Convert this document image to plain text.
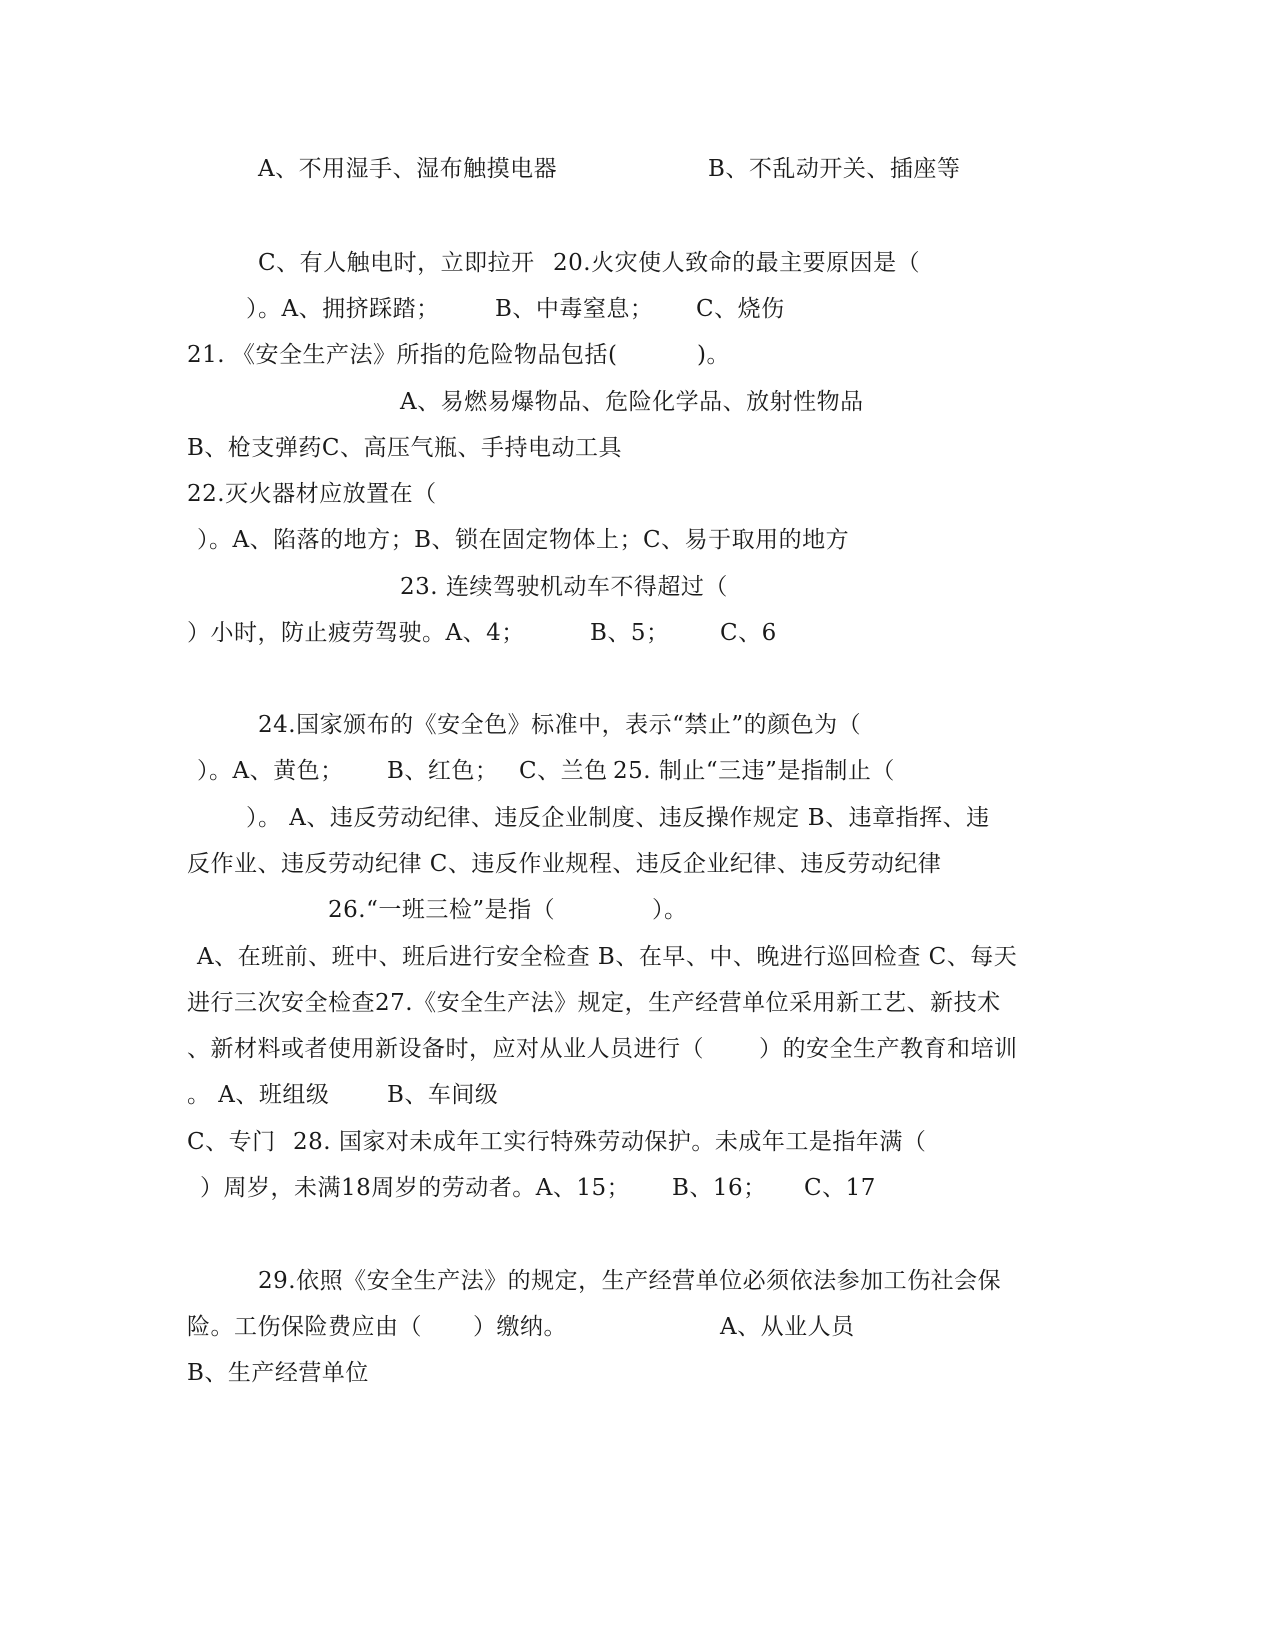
A、不用湿手、湿布触摸电器	B、不乱动开关、插座等
C、有人触电时，立即拉开 20.火灾使人致命的最主要原因是（
）。A、拥挤踩踏； B、中毒窒息； C、烧伤
21. 《安全生产法》所指的危险物品包括(	)。
A、易燃易爆物品、危险化学品、放射性物品
B、枪支弹药C、高压气瓶、手持电动工具
22.灭火器材应放置在（
）。A、陷落的地方；B、锁在固定物体上；C、易于取用的地方
23. 连续驾驶机动车不得超过（
）小时，防止疲劳驾驶。A、4；	B、5； C、6
24.国家颁布的《安全色》标准中，表示“禁止”的颜色为（
）。A、黄色； B、红色； C、兰色 25. 制止“三违”是指制止（
）。 A、违反劳动纪律、违反企业制度、违反操作规定 B、违章指挥、违
反作业、违反劳动纪律 C、违反作业规程、违反企业纪律、违反劳动纪律
26.“一班三检”是指（	）。
A、在班前、班中、班后进行安全检查 B、在早、中、晚进行巡回检查 C、每天
进行三次安全检查27.《安全生产法》规定，生产经营单位采用新工艺、新技术
、新材料或者使用新设备时，应对从业人员进行（ ）的安全生产教育和培训
。 A、班组级	B、车间级
C、专门 28. 国家对未成年工实行特殊劳动保护。未成年工是指年满（
）周岁，未满18周岁的劳动者。A、15； B、16； C、17
29.依照《安全生产法》的规定，生产经营单位必须依法参加工伤社会保
险。工伤保险费应由（ ）缴纳。	A、从业人员
B、生产经营单位
